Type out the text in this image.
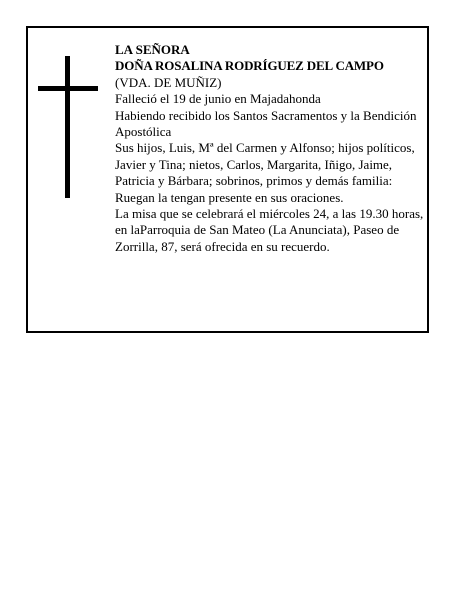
LA SEÑORA

DOÑA ROSALINA RODRÍGUEZ DEL CAMPO

(VDA. DE MUÑIZ)

Falleció el 19 de junio en Majadahonda

Habiendo recibido los Santos Sacramentos y la Bendición Apostólica

Sus hijos, Luis, Mª del Carmen y Alfonso; hijos políticos, Javier y Tina; nietos, Carlos, Margarita, Iñigo, Jaime, Patricia y Bárbara; sobrinos, primos y demás familia:

Ruegan la tengan presente en sus oraciones.

La misa que se celebrará el miércoles 24, a las 19.30 horas, en laParroquia de San Mateo (La Anunciata), Paseo de Zorrilla, 87, será ofrecida en su recuerdo.
